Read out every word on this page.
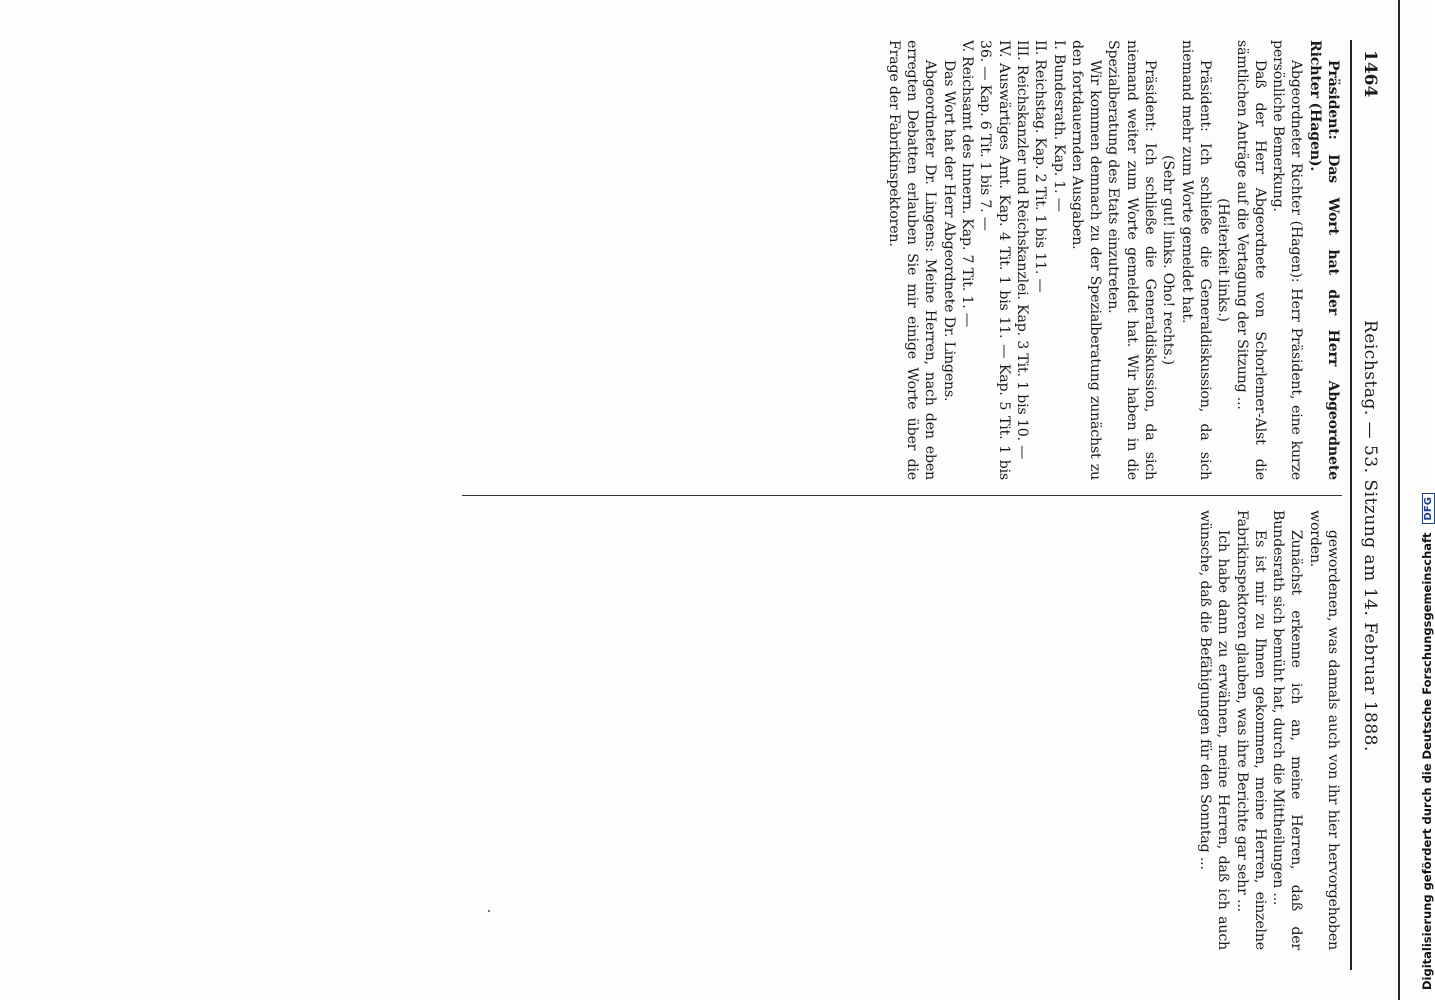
1464
Reichstag. — 53. Sitzung am 14. Februar 1888.

Präsident: Das Wort hat der Herr Abgeordnete Richter (Hagen).

Abgeordneter Richter (Hagen): Herr Präsident, eine kurze persönliche Bemerkung.

Daß der Herr Abgeordnete von Schorlemer-Alst die sämtlichen Anträge auf die Vertagung der Sitzung ...

(Heiterkeit links.)

Präsident: Ich schließe die Generaldiskussion, da sich niemand mehr zum Worte gemeldet hat.

(Sehr gut! links. Oho! rechts.)

Präsident: Ich schließe die Generaldiskussion, da sich niemand weiter zum Worte gemeldet hat. Wir haben in die Spezialberatung des Etats einzutreten.

Wir kommen demnach zu der Spezialberatung zunächst zu den fortdauernden Ausgaben.

I. Bundesrath. Kap. 1. —

II. Reichstag. Kap. 2 Tit. 1 bis 11. —

III. Reichskanzler und Reichskanzlei. Kap. 3 Tit. 1 bis 10. —

IV. Auswärtiges Amt. Kap. 4 Tit. 1 bis 11. — Kap. 5 Tit. 1 bis 36. — Kap. 6 Tit. 1 bis 7. —

V. Reichsamt des Innern. Kap. 7 Tit. 1. —

Das Wort hat der Herr Abgeordnete Dr. Lingens.

Abgeordneter Dr. Lingens: Meine Herren, nach den eben erregten Debatten erlauben Sie mir einige Worte über die Frage der Fabrikinspektoren.

gewordenen, was damals auch von ihr hier hervorgehoben worden.

Zunächst erkenne ich an, meine Herren, daß der Bundesrath sich bemüht hat, durch die Mittheilungen ...

Es ist mir zu Ihnen gekommen, meine Herren, einzelne Fabrikinspektoren glauben, was ihre Berichte gar sehr ...

Ich habe dann zu erwähnen, meine Herren, daß ich auch wünsche, daß die Befähigungen für den Sonntag ...	Digitalisierung gefördert durch die Deutsche ForschungsgemeinschaftDFG
